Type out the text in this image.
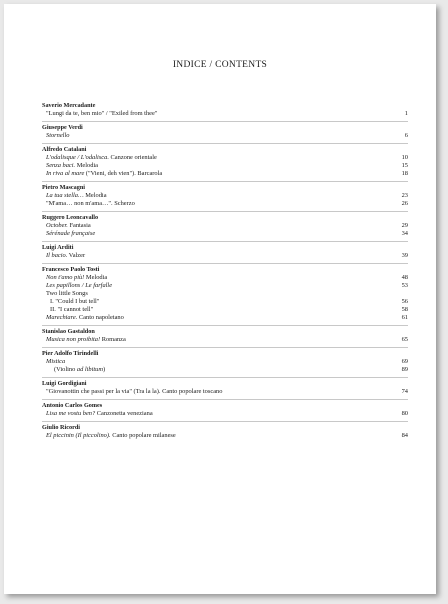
INDICE / CONTENTS
Saverio Mercadante
"Lungi da te, ben mio" / "Exiled from thee"	1
Giuseppe Verdi
Stornello	6
Alfredo Catalani
L'odalisque / L'odalisca. Canzone orientale	10
Senza baci. Melodia	15
In riva al mare ("Vieni, deh vien"). Barcarola	18
Pietro Mascagni
La tua stella… Melodia	23
"M'ama… non m'ama…". Scherzo	26
Ruggero Leoncavallo
October. Fantasia	29
Sérénade française	34
Luigi Arditi
Il bacio. Valzer	39
Francesco Paolo Tosti
Non t'amo più! Melodia	48
Les papillons / Le farfalle	53
Two little Songs
I. "Could I but tell"	56
II. "I cannot tell"	58
Marechiare. Canto napoletano	61
Stanislao Gastaldon
Musica non proibita! Romanza	65
Pier Adolfo Tirindelli
Mistica	69
(Violino ad libitum)	89
Luigi Gordigiani
"Giovanottin che passi per la via" (Tra la la). Canto popolare toscano	74
Antonio Carlos Gomes
Lisa me vostu ben? Canzonetta veneziana	80
Giulio Ricordi
El piccinin (Il piccolino). Canto popolare milanese	84
